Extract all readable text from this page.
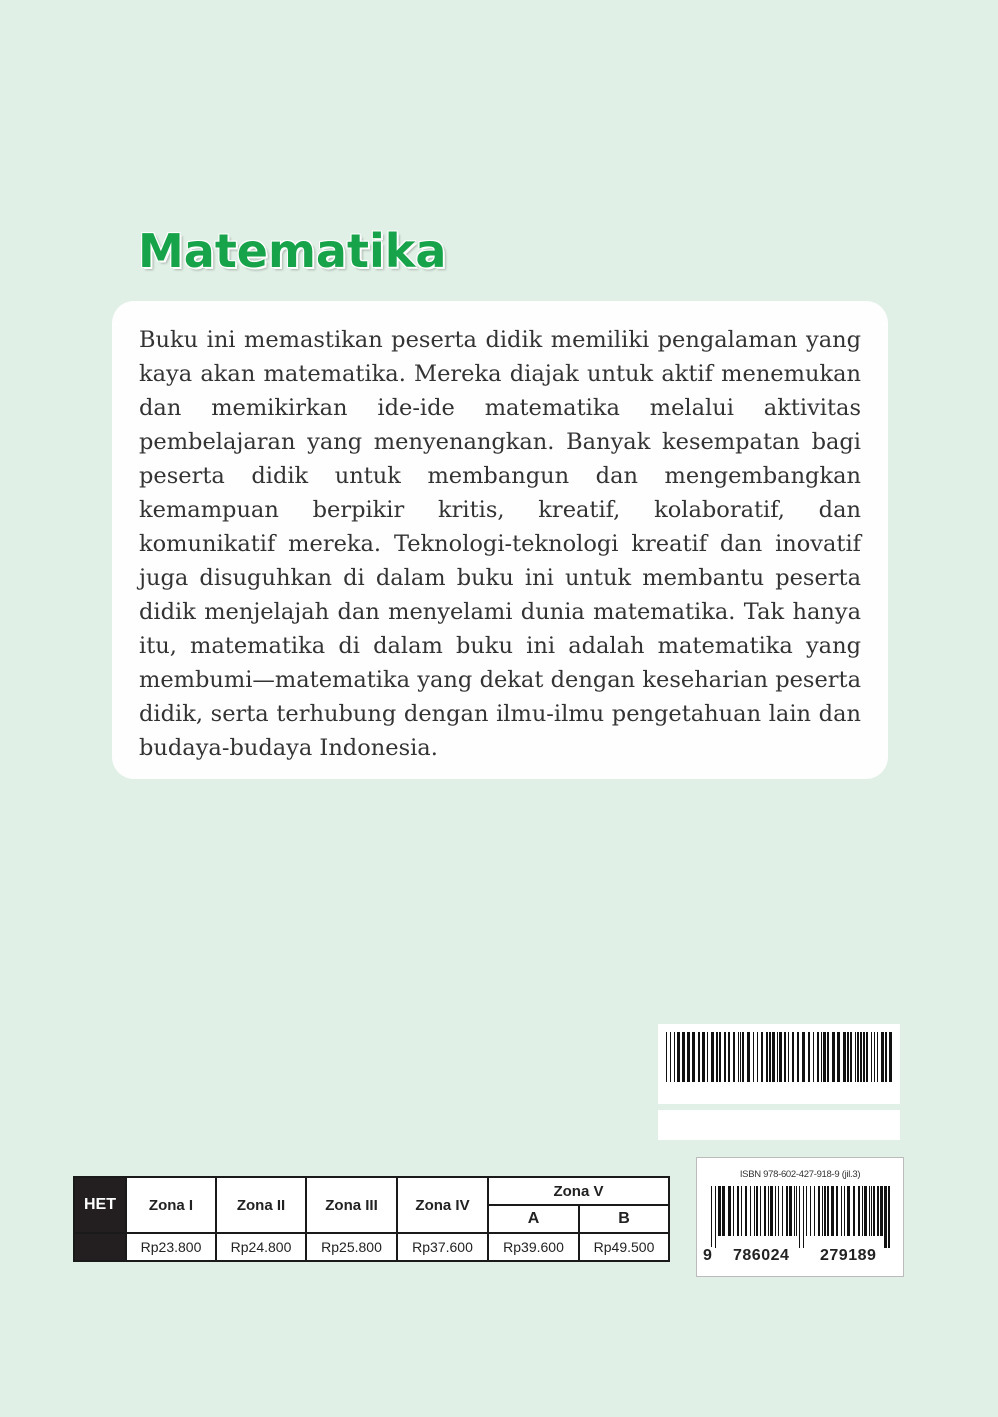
Matematika

Buku ini memastikan peserta didik memiliki pengalaman yang kaya akan matematika. Mereka diajak untuk aktif menemukan dan memikirkan ide-ide matematika melalui aktivitas pembelajaran yang menyenangkan. Banyak kesempatan bagi peserta didik untuk membangun dan mengembangkan kemampuan berpikir kritis, kreatif, kolaboratif, dan komunikatif mereka. Teknologi-teknologi kreatif dan inovatif juga disuguhkan di dalam buku ini untuk membantu peserta didik menjelajah dan menyelami dunia matematika. Tak hanya itu, matematika di dalam buku ini adalah matematika yang membumi—matematika yang dekat dengan keseharian peserta didik, serta terhubung dengan ilmu-ilmu pengetahuan lain dan budaya-budaya Indonesia.

HET	Zona I	Zona II	Zona III	Zona IV	Zona V	
					A	B
	Rp23.800	Rp24.800	Rp25.800	Rp37.600	Rp39.600	Rp49.500
ISBN 978-602-427-918-9 (jil.3)
9 786024 279189
